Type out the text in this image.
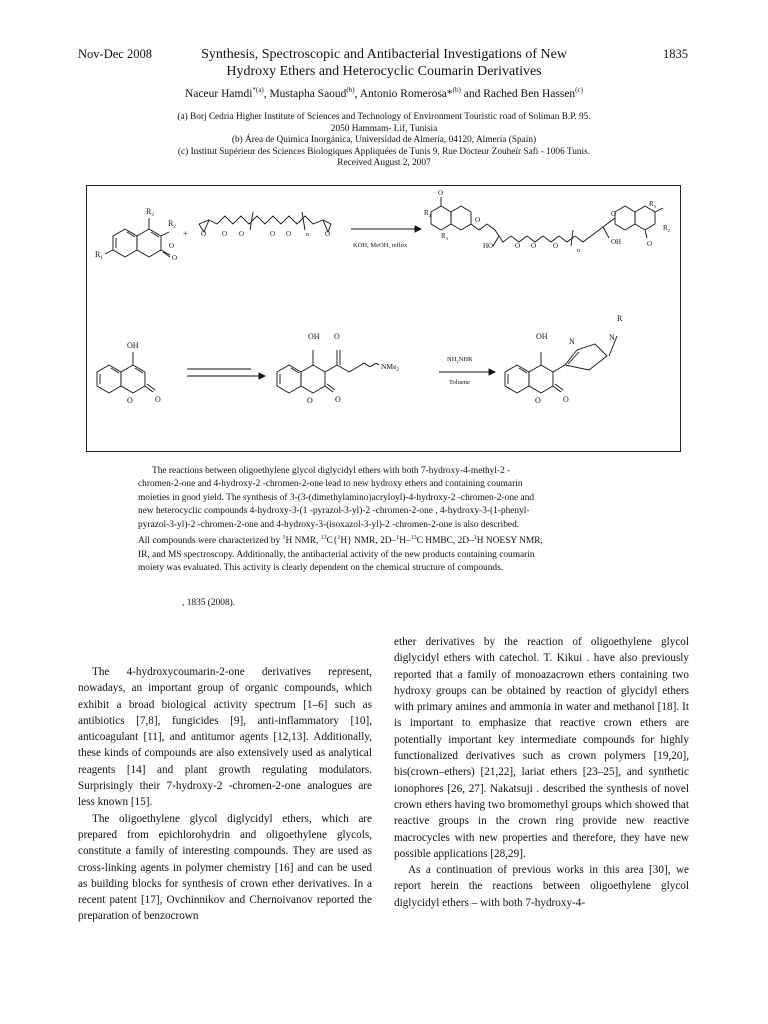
Nov-Dec 2008	1835
Synthesis, Spectroscopic and Antibacterial Investigations of New
Hydroxy Ethers and Heterocyclic Coumarin Derivatives
Naceur Hamdi$^{*(a)}$, Mustapha Saoud$^{(b)}$, Antonio Romerosa*$^{(b)}$ and Rached Ben Hassen$^{(c)}$
(a) Borj Cedria Higher Institute of Sciences and Technology of Environment Touristic road of Soliman B.P. 95.
2050 Hammam- Lif, Tunisia
(b) Área de Química Inorgánica, Universidad de Almería, 04120, Almería (Spain)
(c) Institut Supérieur des Sciences Biologiques Appliquées de Tunis 9, Rue Docteur Zouheïr Safi - 1006 Tunis.
Received August 2, 2007
$R_3$
$R_2$
$R_1$
O
O
+ O O O	O O	O
n
KOH, MeOH, reflux
$R_2$
O
$R_3$
O
HO	O O O
n
OH
O
$R_3$
$R_2$
O
OH
O	O
OH O
NMe$_2$
O	O
$NH_2NHR$
Toluene
OH
N	N
R
O	O
The reactions between oligoethylene glycol diglycidyl ethers with both 7-hydroxy-4-methyl-2 -
chromen-2-one and 4-hydroxy-2 -chromen-2-one lead to new hydroxy ethers and containing coumarin
moieties in good yield. The synthesis of 3-(3-(dimethylamino)acryloyl)-4-hydroxy-2 -chromen-2-one and
new heterocyclic compounds 4-hydroxy-3-(1 -pyrazol-3-yl)-2 -chromen-2-one , 4-hydroxy-3-(1-phenyl-
pyrazol-3-yl)-2 -chromen-2-one and 4-hydroxy-3-(isoxazol-3-yl)-2 -chromen-2-one is also described.
All compounds were characterized by $^1$H NMR, $^{13}$C{$^1$H} NMR, 2D–$^1$H–$^{13}$C HMBC, 2D–$^1$H NOESY NMR,
IR, and MS spectroscopy. Additionally, the antibacterial activity of the new products containing coumarin
moiety was evaluated. This activity is clearly dependent on the chemical structure of compounds.
, 1835 (2008).

The 4-hydroxycoumarin-2-one derivatives represent, nowadays, an important group of organic compounds, which exhibit a broad biological activity spectrum [1–6] such as antibiotics [7,8], fungicides [9], anti-inflammatory [10], anticoagulant [11], and antitumor agents [12,13]. Additionally, these kinds of compounds are also extensively used as analytical reagents [14] and plant growth regulating modulators. Surprisingly their 7-hydroxy-2 -chromen-2-one analogues are less known [15].

The oligoethylene glycol diglycidyl ethers, which are prepared from epichlorohydrin and oligoethylene glycols, constitute a family of interesting compounds. They are used as cross-linking agents in polymer chemistry [16] and can be used as building blocks for synthesis of crown ether derivatives. In a recent patent [17], Ovchinnikov and Chernoivanov reported the preparation of benzocrown

ether derivatives by the reaction of oligoethylene glycol diglycidyl ethers with catechol. T. Kikui . have also previously reported that a family of monoazacrown ethers containing two hydroxy groups can be obtained by reaction of glycidyl ethers with primary amines and ammonia in water and methanol [18]. It is important to emphasize that reactive crown ethers are potentially important key intermediate compounds for highly functionalized derivatives such as crown polymers [19,20], bis(crown–ethers) [21,22], lariat ethers [23–25], and synthetic ionophores [26, 27]. Nakatsuji . described the synthesis of novel crown ethers having two bromomethyl groups which showed that reactive groups in the crown ring provide new reactive macrocycles with new properties and therefore, they have new possible applications [28,29].

As a continuation of previous works in this area [30], we report herein the reactions between oligoethylene glycol diglycidyl ethers – with both 7-hydroxy-4-
